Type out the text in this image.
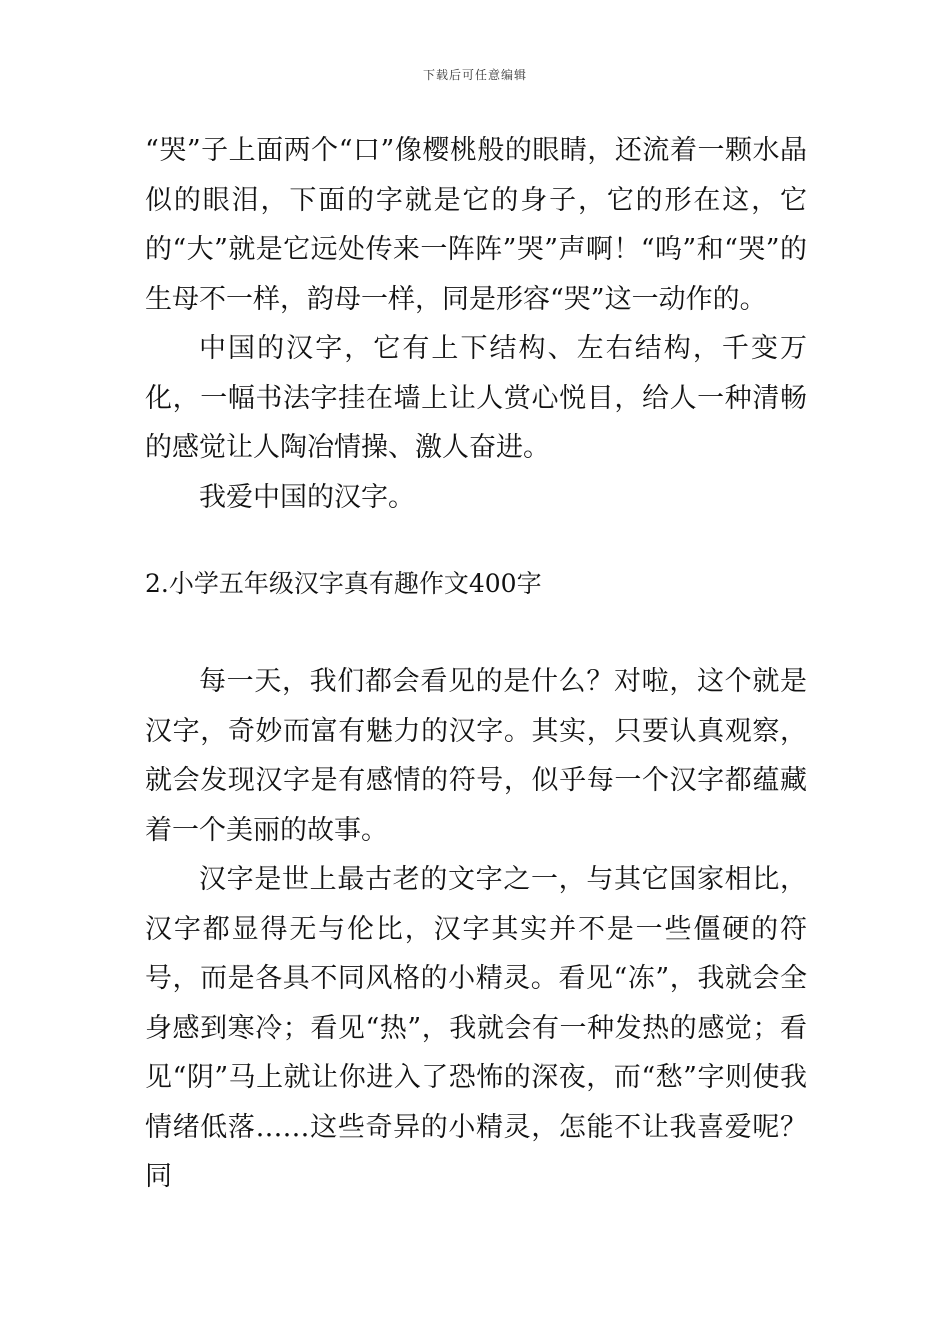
下载后可任意编辑

“哭”子上面两个“口”像樱桃般的眼睛，还流着一颗水晶似的眼泪，下面的字就是它的身子，它的形在这，它的“大”就是它远处传来一阵阵”哭”声啊！“呜”和“哭”的生母不一样，韵母一样，同是形容“哭”这一动作的。

中国的汉字，它有上下结构、左右结构，千变万化，一幅书法字挂在墙上让人赏心悦目，给人一种清畅的感觉让人陶冶情操、激人奋进。

我爱中国的汉字。

2.小学五年级汉字真有趣作文400字

每一天，我们都会看见的是什么？对啦，这个就是汉字，奇妙而富有魅力的汉字。其实，只要认真观察，就会发现汉字是有感情的符号，似乎每一个汉字都蕴藏着一个美丽的故事。

汉字是世上最古老的文字之一，与其它国家相比，汉字都显得无与伦比，汉字其实并不是一些僵硬的符号，而是各具不同风格的小精灵。看见“冻”，我就会全身感到寒冷；看见“热”，我就会有一种发热的感觉；看见“阴”马上就让你进入了恐怖的深夜，而“愁”字则使我情绪低落……这些奇异的小精灵，怎能不让我喜爱呢？同
